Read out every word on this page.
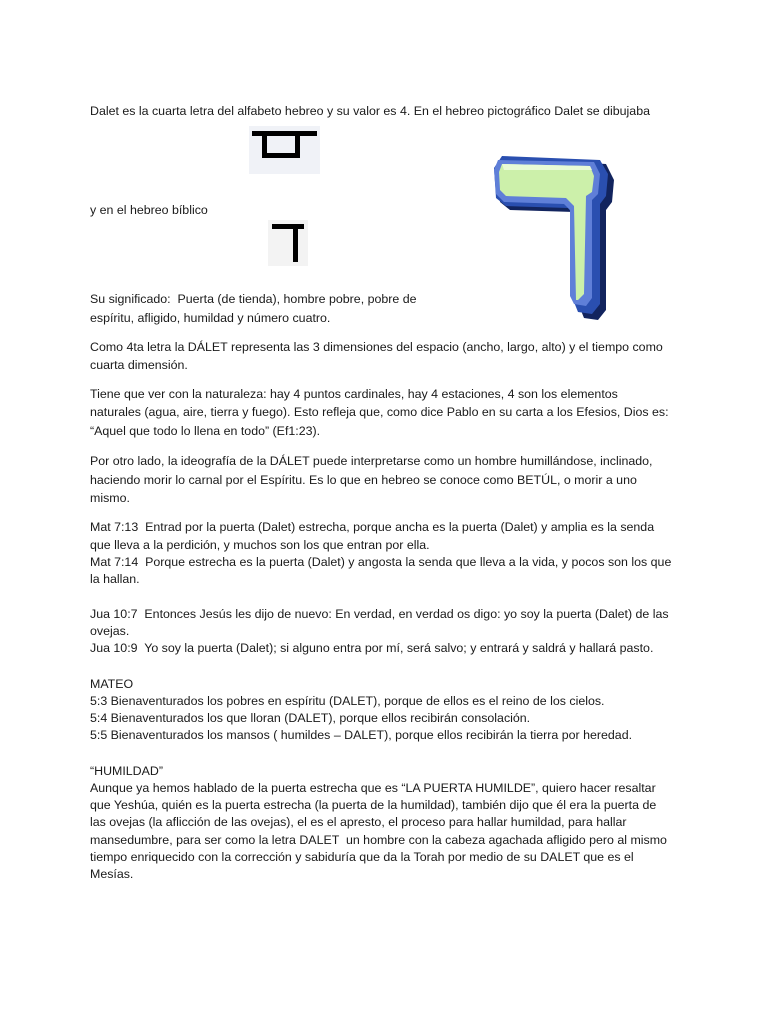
Dalet es la cuarta letra del alfabeto hebreo y su valor es 4. En el hebreo pictográfico Dalet se dibujaba

y en el hebreo bíblico

Su significado:  Puerta (de tienda), hombre pobre, pobre de

espíritu, afligido, humildad y número cuatro.

Como 4ta letra la DÁLET representa las 3 dimensiones del espacio (ancho, largo, alto) y el tiempo como

cuarta dimensión.

Tiene que ver con la naturaleza: hay 4 puntos cardinales, hay 4 estaciones, 4 son los elementos

naturales (agua, aire, tierra y fuego). Esto refleja que, como dice Pablo en su carta a los Efesios, Dios es:

“Aquel que todo lo llena en todo” (Ef1:23).

Por otro lado, la ideografía de la DÁLET puede interpretarse como un hombre humillándose, inclinado,

haciendo morir lo carnal por el Espíritu. Es lo que en hebreo se conoce como BETÚL, o morir a uno

mismo.

Mat 7:13  Entrad por la puerta (Dalet) estrecha, porque ancha es la puerta (Dalet) y amplia es la senda

que lleva a la perdición, y muchos son los que entran por ella.

Mat 7:14  Porque estrecha es la puerta (Dalet) y angosta la senda que lleva a la vida, y pocos son los que

la hallan.

Jua 10:7  Entonces Jesús les dijo de nuevo: En verdad, en verdad os digo: yo soy la puerta (Dalet) de las

ovejas.

Jua 10:9  Yo soy la puerta (Dalet); si alguno entra por mí, será salvo; y entrará y saldrá y hallará pasto.

MATEO

5:3 Bienaventurados los pobres en espíritu (DALET), porque de ellos es el reino de los cielos.

5:4 Bienaventurados los que lloran (DALET), porque ellos recibirán consolación.

5:5 Bienaventurados los mansos ( humildes – DALET), porque ellos recibirán la tierra por heredad.

“HUMILDAD”

Aunque ya hemos hablado de la puerta estrecha que es “LA PUERTA HUMILDE”, quiero hacer resaltar

que Yeshúa, quién es la puerta estrecha (la puerta de la humildad), también dijo que él era la puerta de

las ovejas (la aflicción de las ovejas), el es el apresto, el proceso para hallar humildad, para hallar

mansedumbre, para ser como la letra DALET  un hombre con la cabeza agachada afligido pero al mismo

tiempo enriquecido con la corrección y sabiduría que da la Torah por medio de su DALET que es el

Mesías.
